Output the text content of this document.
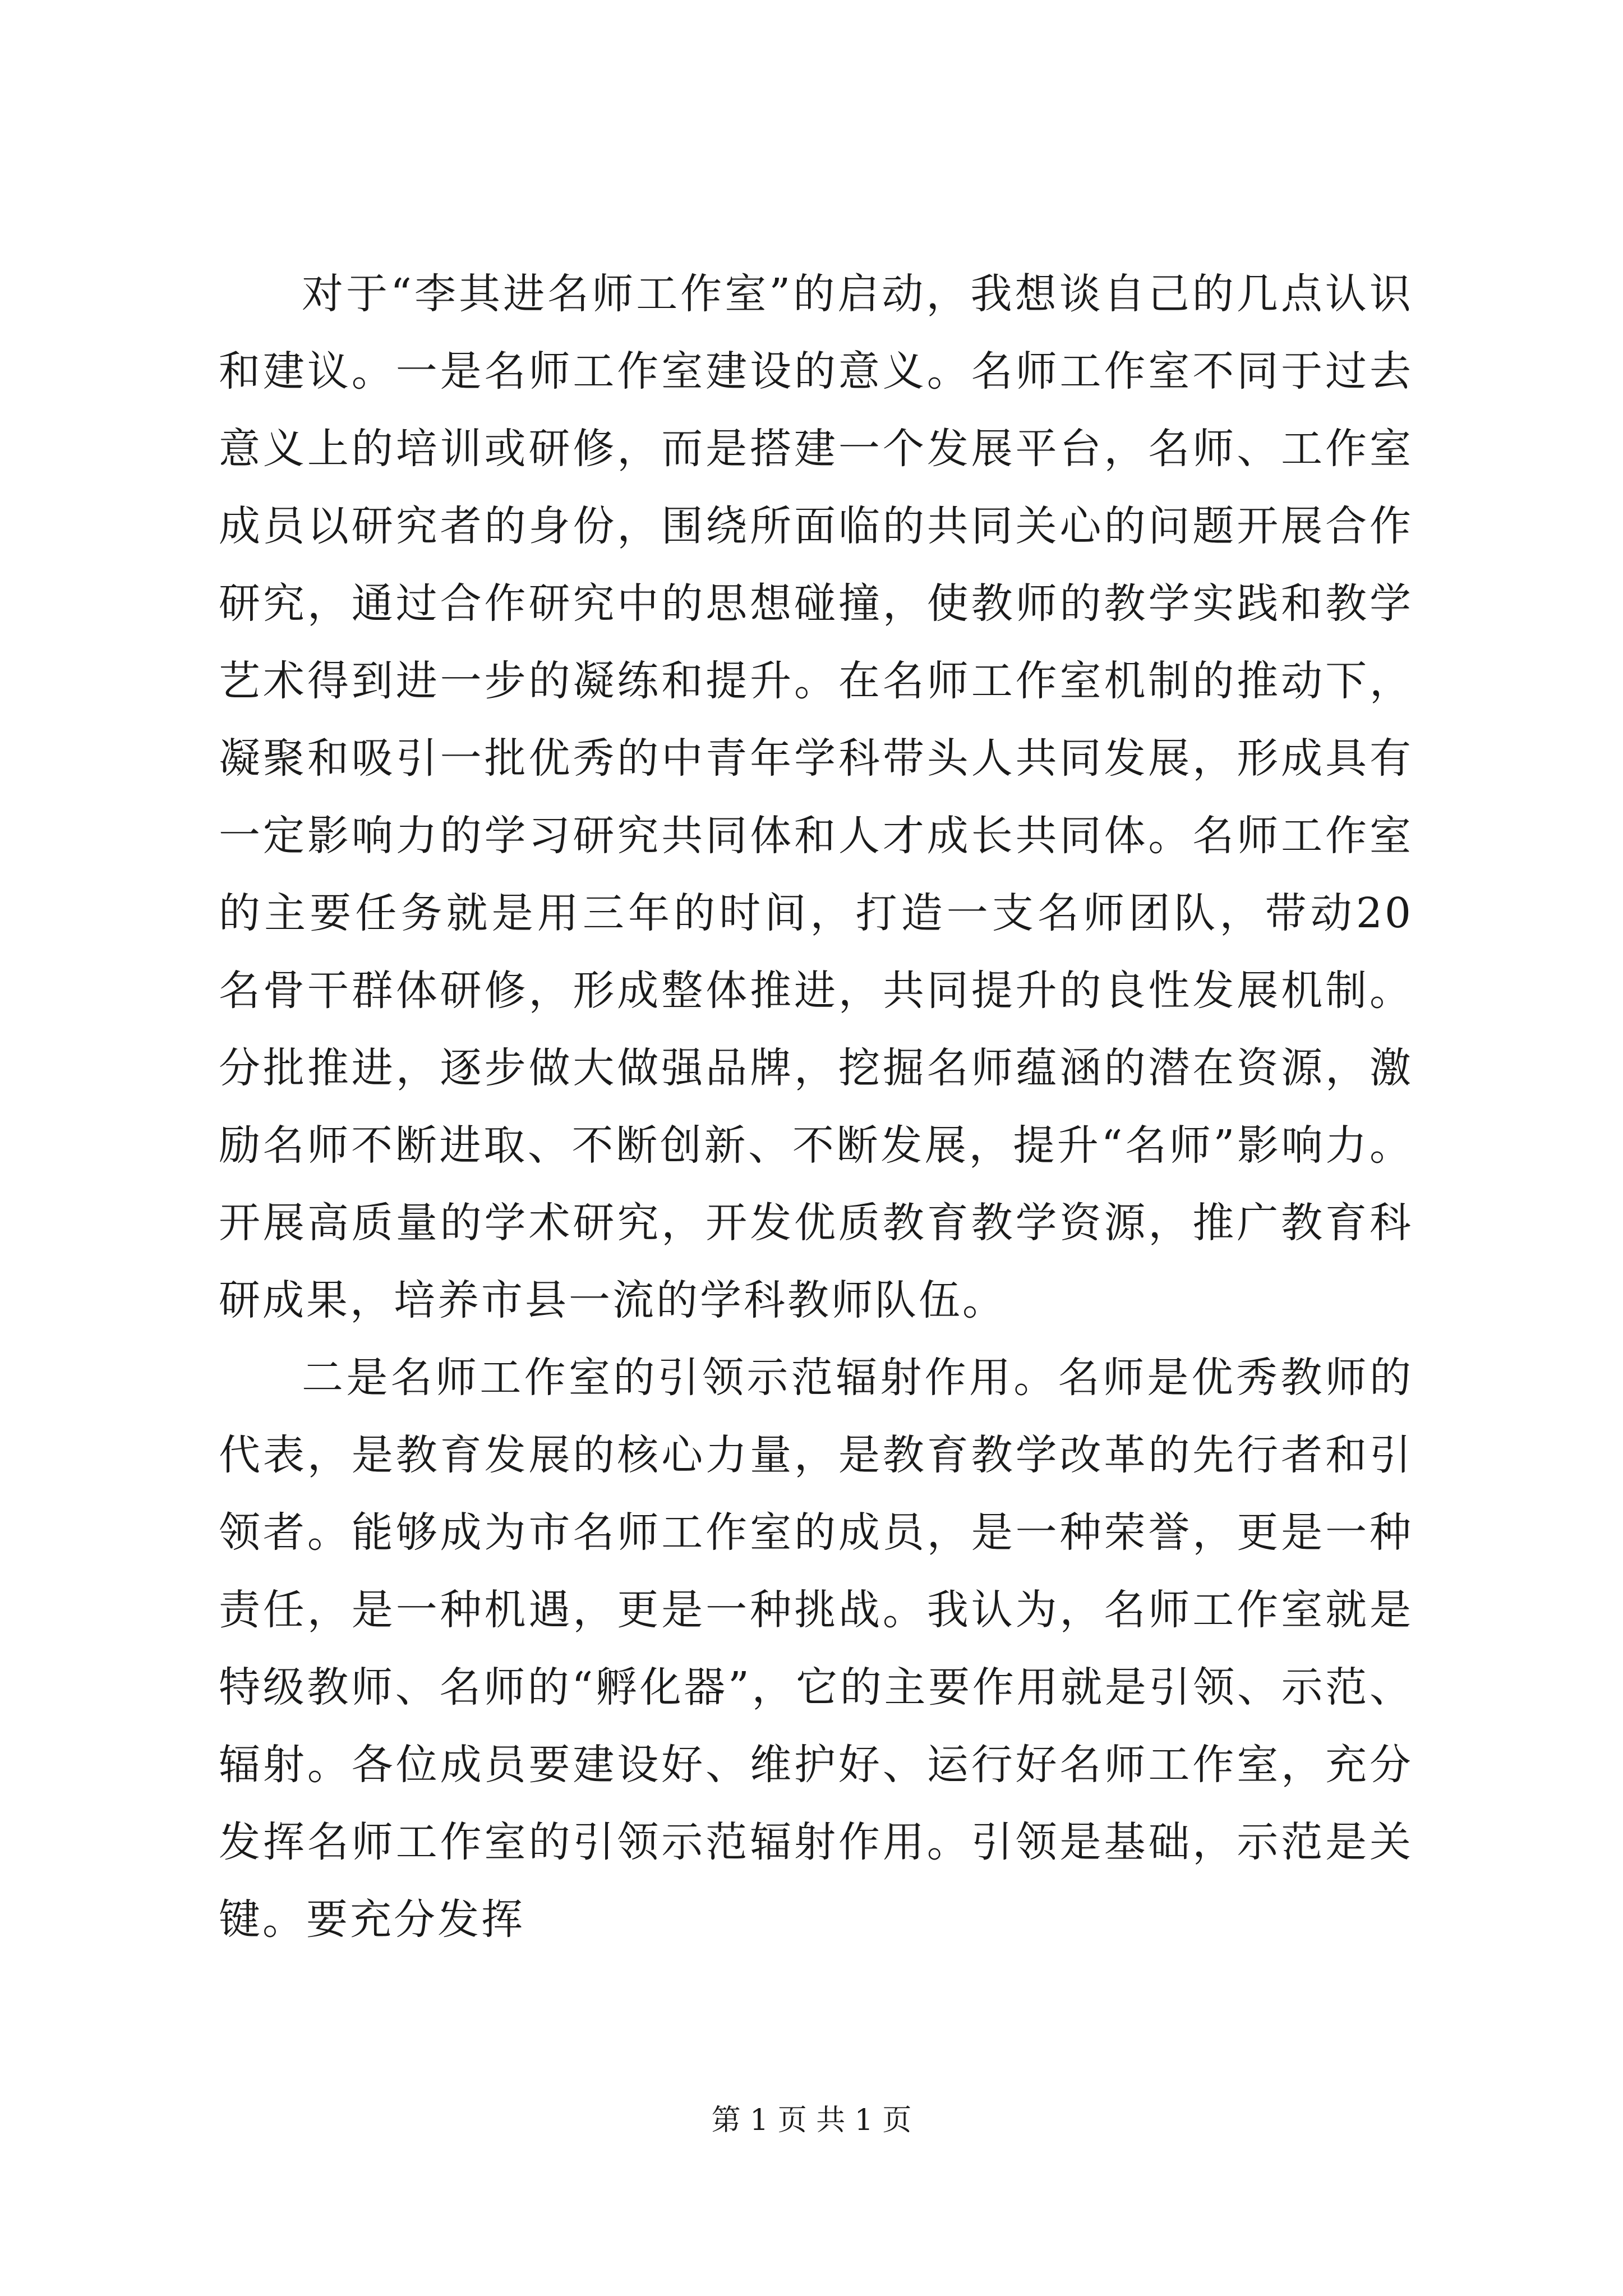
对于“李其进名师工作室”的启动，我想谈自己的几点认识和建议。一是名师工作室建设的意义。名师工作室不同于过去意义上的培训或研修，而是搭建一个发展平台，名师、工作室成员以研究者的身份，围绕所面临的共同关心的问题开展合作研究，通过合作研究中的思想碰撞，使教师的教学实践和教学艺术得到进一步的凝练和提升。在名师工作室机制的推动下，凝聚和吸引一批优秀的中青年学科带头人共同发展，形成具有一定影响力的学习研究共同体和人才成长共同体。名师工作室的主要任务就是用三年的时间，打造一支名师团队，带动20名骨干群体研修，形成整体推进，共同提升的良性发展机制。分批推进，逐步做大做强品牌，挖掘名师蕴涵的潜在资源，激励名师不断进取、不断创新、不断发展，提升“名师”影响力。开展高质量的学术研究，开发优质教育教学资源，推广教育科研成果，培养市县一流的学科教师队伍。

二是名师工作室的引领示范辐射作用。名师是优秀教师的代表，是教育发展的核心力量，是教育教学改革的先行者和引领者。能够成为市名师工作室的成员，是一种荣誉，更是一种责任，是一种机遇，更是一种挑战。我认为，名师工作室就是特级教师、名师的“孵化器”，它的主要作用就是引领、示范、辐射。各位成员要建设好、维护好、运行好名师工作室，充分发挥名师工作室的引领示范辐射作用。引领是基础，示范是关键。要充分发挥

第 1 页 共 1 页
